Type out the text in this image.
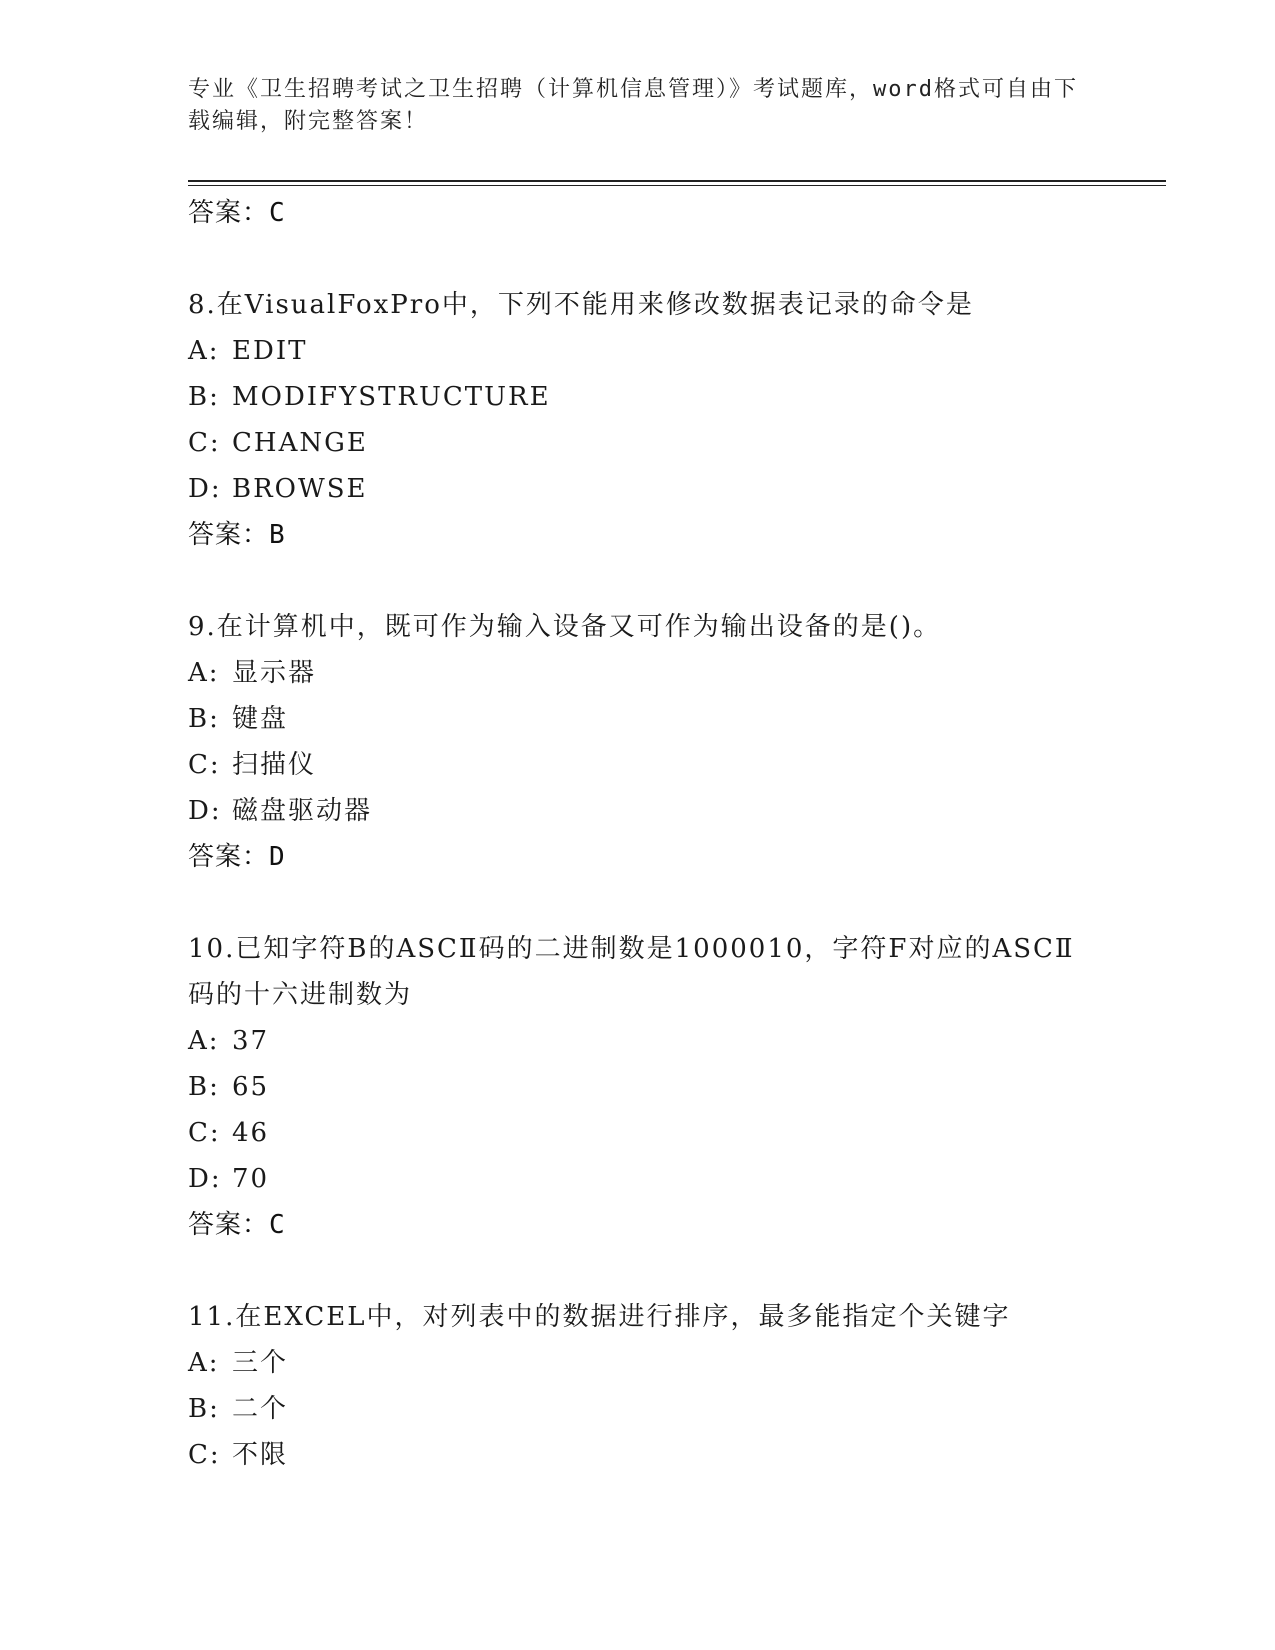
专业《卫生招聘考试之卫生招聘（计算机信息管理）》考试题库，word格式可自由下载编辑，附完整答案！
答案：C
8.在VisualFoxPro中，下列不能用来修改数据表记录的命令是
A: EDIT
B: MODIFYSTRUCTURE
C: CHANGE
D: BROWSE
答案：B
9.在计算机中，既可作为输入设备又可作为输出设备的是()。
A: 显示器
B: 键盘
C: 扫描仪
D: 磁盘驱动器
答案：D
10.已知字符B的ASCⅡ码的二进制数是1000010，字符F对应的ASCⅡ码的十六进制数为
A: 37
B: 65
C: 46
D: 70
答案：C
11.在EXCEL中，对列表中的数据进行排序，最多能指定个关键字
A: 三个
B: 二个
C: 不限
